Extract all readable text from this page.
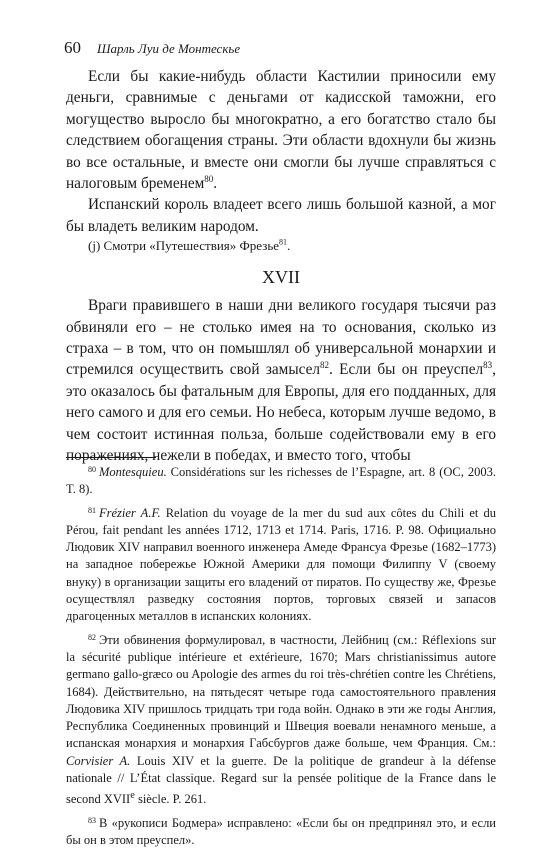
60 Шарль Луи де Монтескье

Если бы какие-нибудь области Кастилии приносили ему деньги, сравнимые с деньгами от кадисской таможни, его могущество выросло бы многократно, а его богатство стало бы следствием обогащения страны. Эти области вдохнули бы жизнь во все остальные, и вместе они смогли бы лучше справляться с налоговым бременем$^{80}$.

Испанский король владеет всего лишь большой казной, а мог бы владеть великим народом.

(j) Смотри «Путешествия» Фрезье$^{81}$.

XVII

Враги правившего в наши дни великого государя тысячи раз обвиняли его – не столько имея на то основания, сколько из страха – в том, что он помышлял об универсальной монархии и стремился осуществить свой замысел$^{82}$. Если бы он преуспел$^{83}$, это оказалось бы фатальным для Европы, для его подданных, для него самого и для его семьи. Но небеса, которым лучше ведомо, в чем состоит истинная польза, больше содействовали ему в его поражениях, нежели в победах, и вместо того, чтобы

$^{80}$ Montesquieu. Considérations sur les richesses de l’Espagne, art. 8 (OC, 2003. T. 8).

$^{81}$ Frézier A.F. Relation du voyage de la mer du sud aux côtes du Chili et du Pérou, fait pendant les années 1712, 1713 et 1714. Paris, 1716. P. 98. Официально Людовик XIV направил военного инженера Амеде Франсуа Фрезье (1682–1773) на западное побережье Южной Америки для помощи Филиппу V (своему внуку) в организации защиты его владений от пиратов. По существу же, Фрезье осуществлял разведку состояния портов, торговых связей и запасов драгоценных металлов в испанских колониях.

$^{82}$ Эти обвинения формулировал, в частности, Лейбниц (см.: Réflexions sur la sécurité publique intérieure et extérieure, 1670; Mars christianissimus autore germano gallo-græco ou Apologie des armes du roi très-chrétien contre les Chrétiens, 1684). Действительно, на пятьдесят четыре года самостоятельного правления Людовика XIV пришлось тридцать три года войн. Однако в эти же годы Англия, Республика Соединенных провинций и Швеция воевали ненамного меньше, а испанская монархия и монархия Габсбургов даже больше, чем Франция. См.: Corvisier A. Louis XIV et la guerre. De la politique de grandeur à la défense nationale // L’État classique. Regard sur la pensée politique de la France dans le second XVIIe siècle. P. 261.

$^{83}$ В «рукописи Бодмера» исправлено: «Если бы он предпринял это, и если бы он в этом преуспел».
